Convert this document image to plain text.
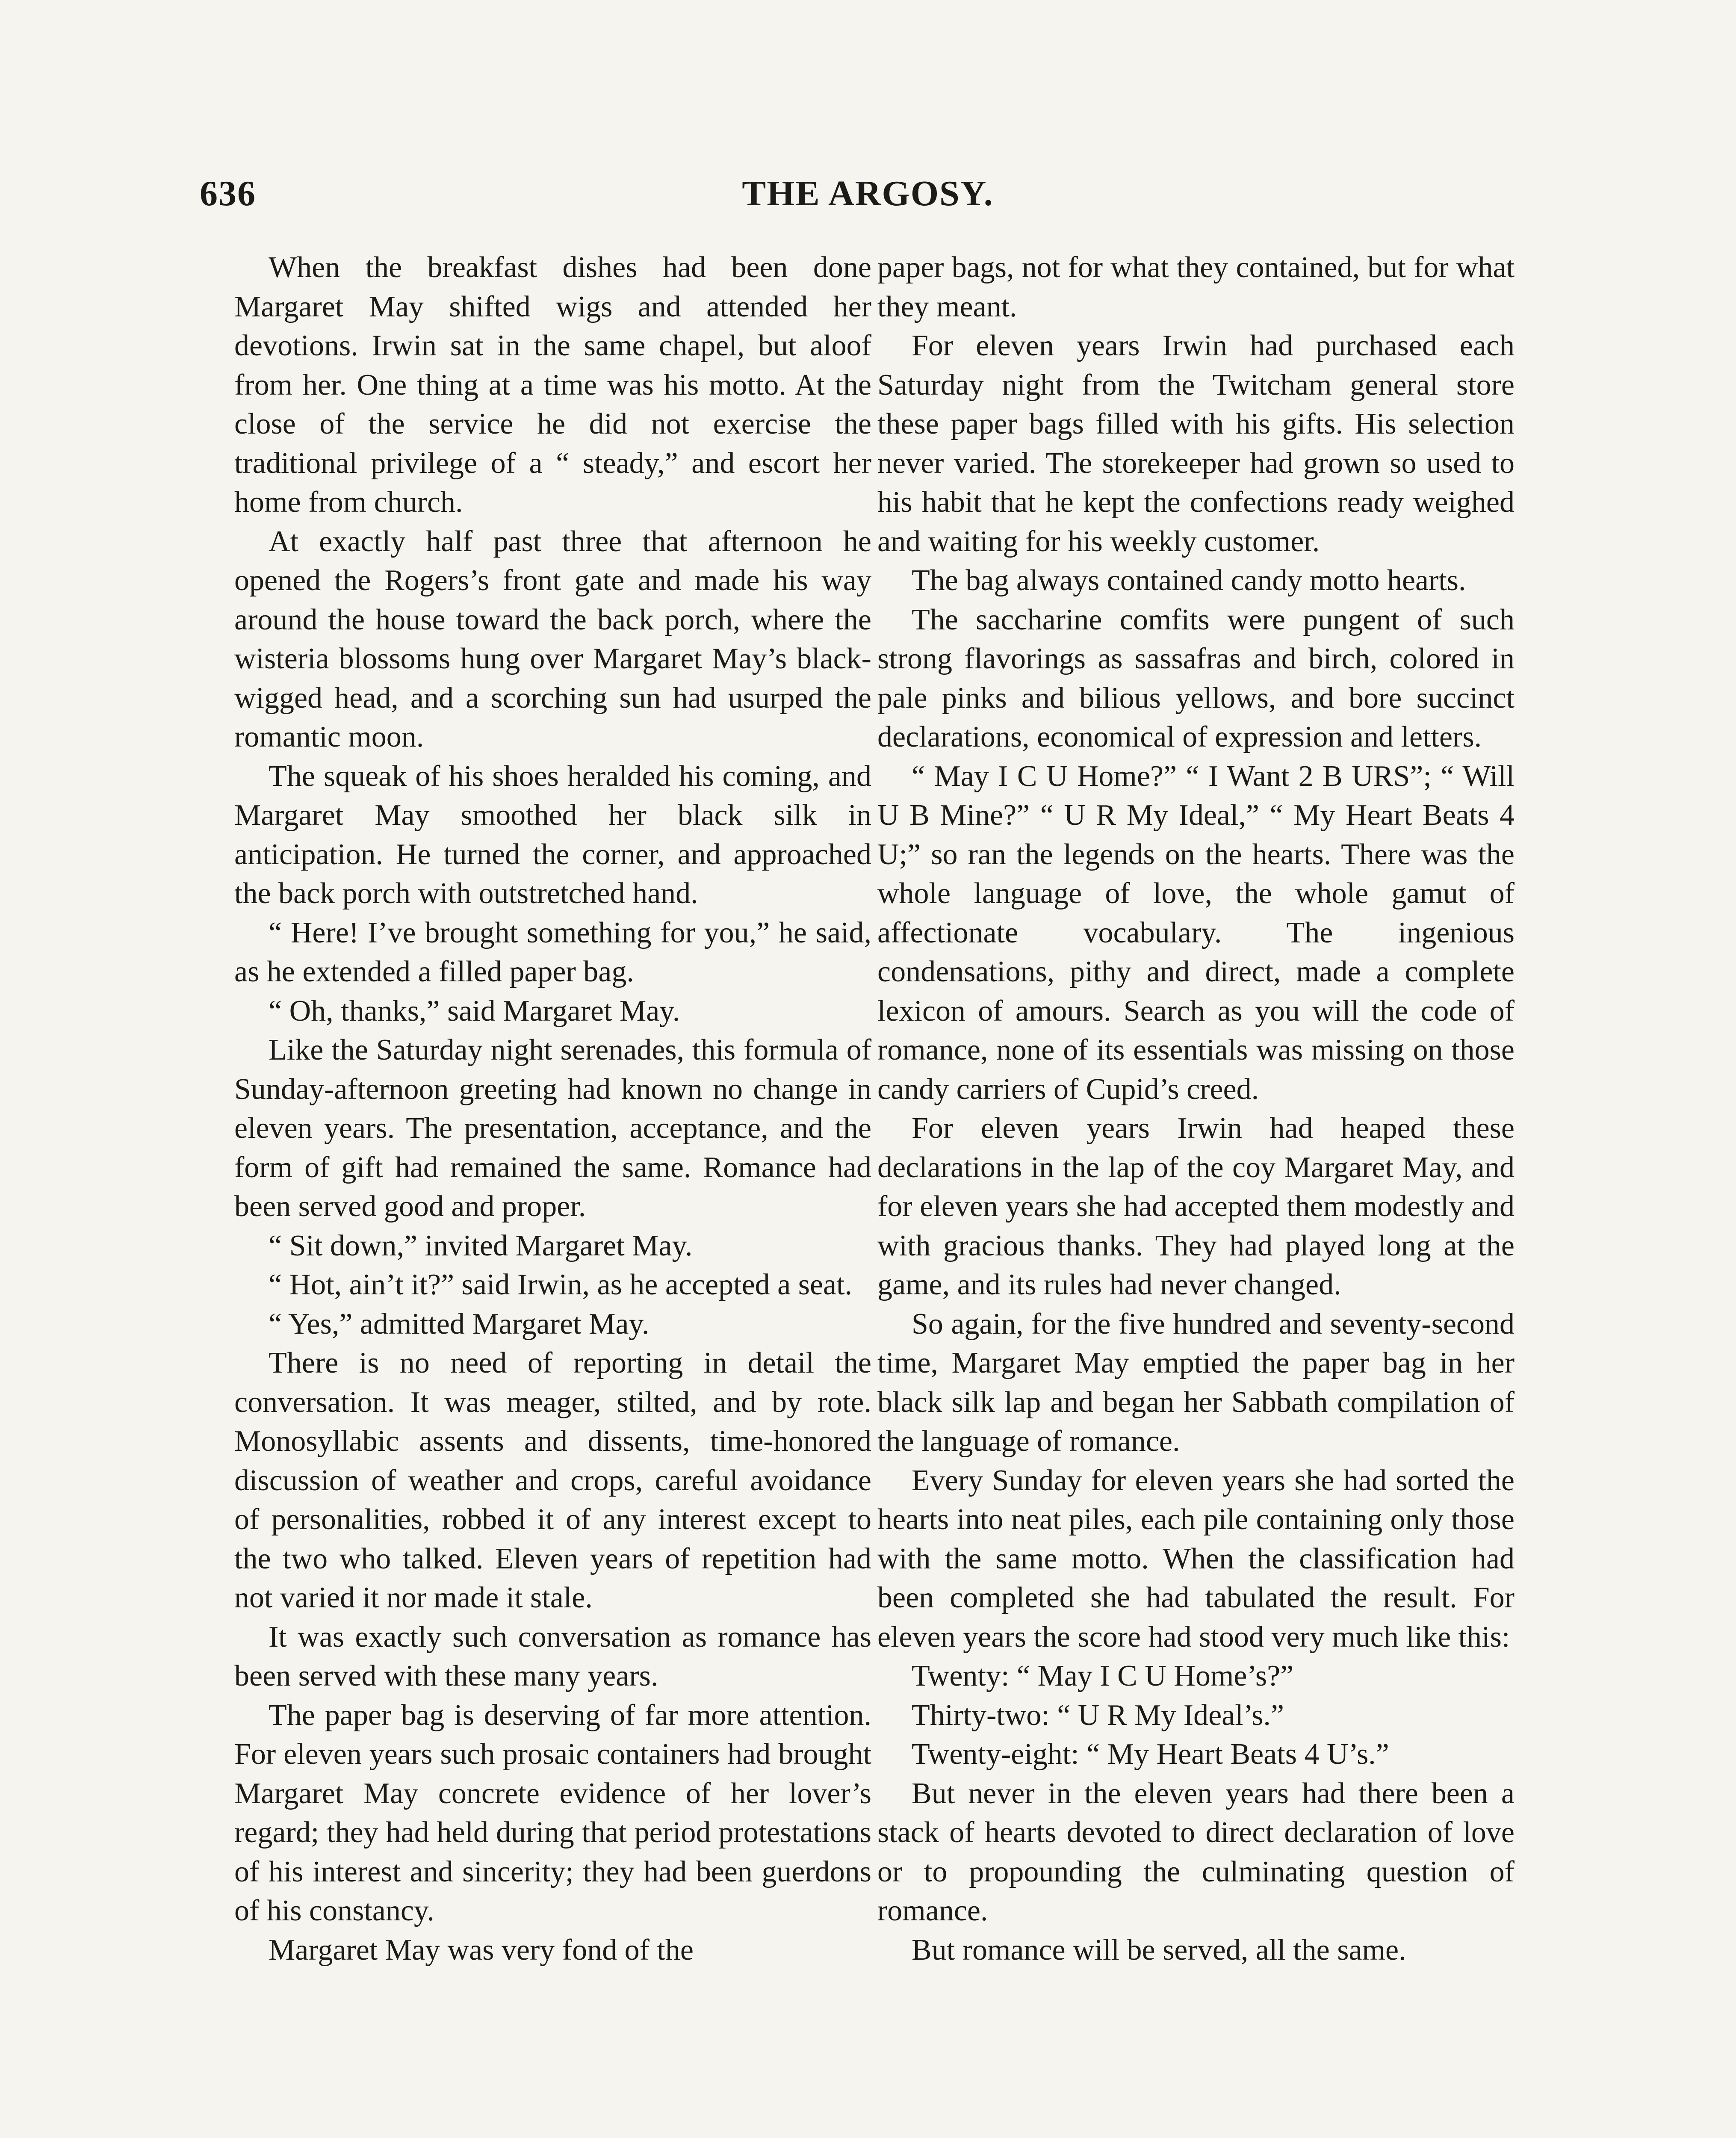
636	THE ARGOSY.

When the breakfast dishes had been done Margaret May shifted wigs and attended her devotions. Irwin sat in the same chapel, but aloof from her. One thing at a time was his motto. At the close of the service he did not exercise the traditional privilege of a “ steady,” and escort her home from church.

At exactly half past three that afternoon he opened the Rogers’s front gate and made his way around the house toward the back porch, where the wisteria blossoms hung over Margaret May’s black-wigged head, and a scorching sun had usurped the romantic moon.

The squeak of his shoes heralded his coming, and Margaret May smoothed her black silk in anticipation. He turned the corner, and approached the back porch with outstretched hand.

“ Here! I’ve brought something for you,” he said, as he extended a filled paper bag.

“ Oh, thanks,” said Margaret May.

Like the Saturday night serenades, this formula of Sunday-afternoon greeting had known no change in eleven years. The presentation, acceptance, and the form of gift had remained the same. Romance had been served good and proper.

“ Sit down,” invited Margaret May.

“ Hot, ain’t it?” said Irwin, as he accepted a seat.

“ Yes,” admitted Margaret May.

There is no need of reporting in detail the conversation. It was meager, stilted, and by rote. Monosyllabic assents and dissents, time-honored discussion of weather and crops, careful avoidance of personalities, robbed it of any interest except to the two who talked. Eleven years of repetition had not varied it nor made it stale.

It was exactly such conversation as romance has been served with these many years.

The paper bag is deserving of far more attention. For eleven years such prosaic containers had brought Margaret May concrete evidence of her lover’s regard; they had held during that period protestations of his interest and sincerity; they had been guerdons of his constancy.

Margaret May was very fond of the

paper bags, not for what they contained, but for what they meant.

For eleven years Irwin had purchased each Saturday night from the Twitcham general store these paper bags filled with his gifts. His selection never varied. The storekeeper had grown so used to his habit that he kept the confections ready weighed and waiting for his weekly customer.

The bag always contained candy motto hearts.

The saccharine comfits were pungent of such strong flavorings as sassafras and birch, colored in pale pinks and bilious yellows, and bore succinct declarations, economical of expression and letters.

“ May I C U Home?” “ I Want 2 B URS”; “ Will U B Mine?” “ U R My Ideal,” “ My Heart Beats 4 U;” so ran the legends on the hearts. There was the whole language of love, the whole gamut of affectionate vocabulary. The ingenious condensations, pithy and direct, made a complete lexicon of amours. Search as you will the code of romance, none of its essentials was missing on those candy carriers of Cupid’s creed.

For eleven years Irwin had heaped these declarations in the lap of the coy Margaret May, and for eleven years she had accepted them modestly and with gracious thanks. They had played long at the game, and its rules had never changed.

So again, for the five hundred and seventy-second time, Margaret May emptied the paper bag in her black silk lap and began her Sabbath compilation of the language of romance.

Every Sunday for eleven years she had sorted the hearts into neat piles, each pile containing only those with the same motto. When the classification had been completed she had tabulated the result. For eleven years the score had stood very much like this:

Twenty: “ May I C U Home’s?”

Thirty-two: “ U R My Ideal’s.”

Twenty-eight: “ My Heart Beats 4 U’s.”

But never in the eleven years had there been a stack of hearts devoted to direct declaration of love or to propounding the culminating question of romance.

But romance will be served, all the same.
